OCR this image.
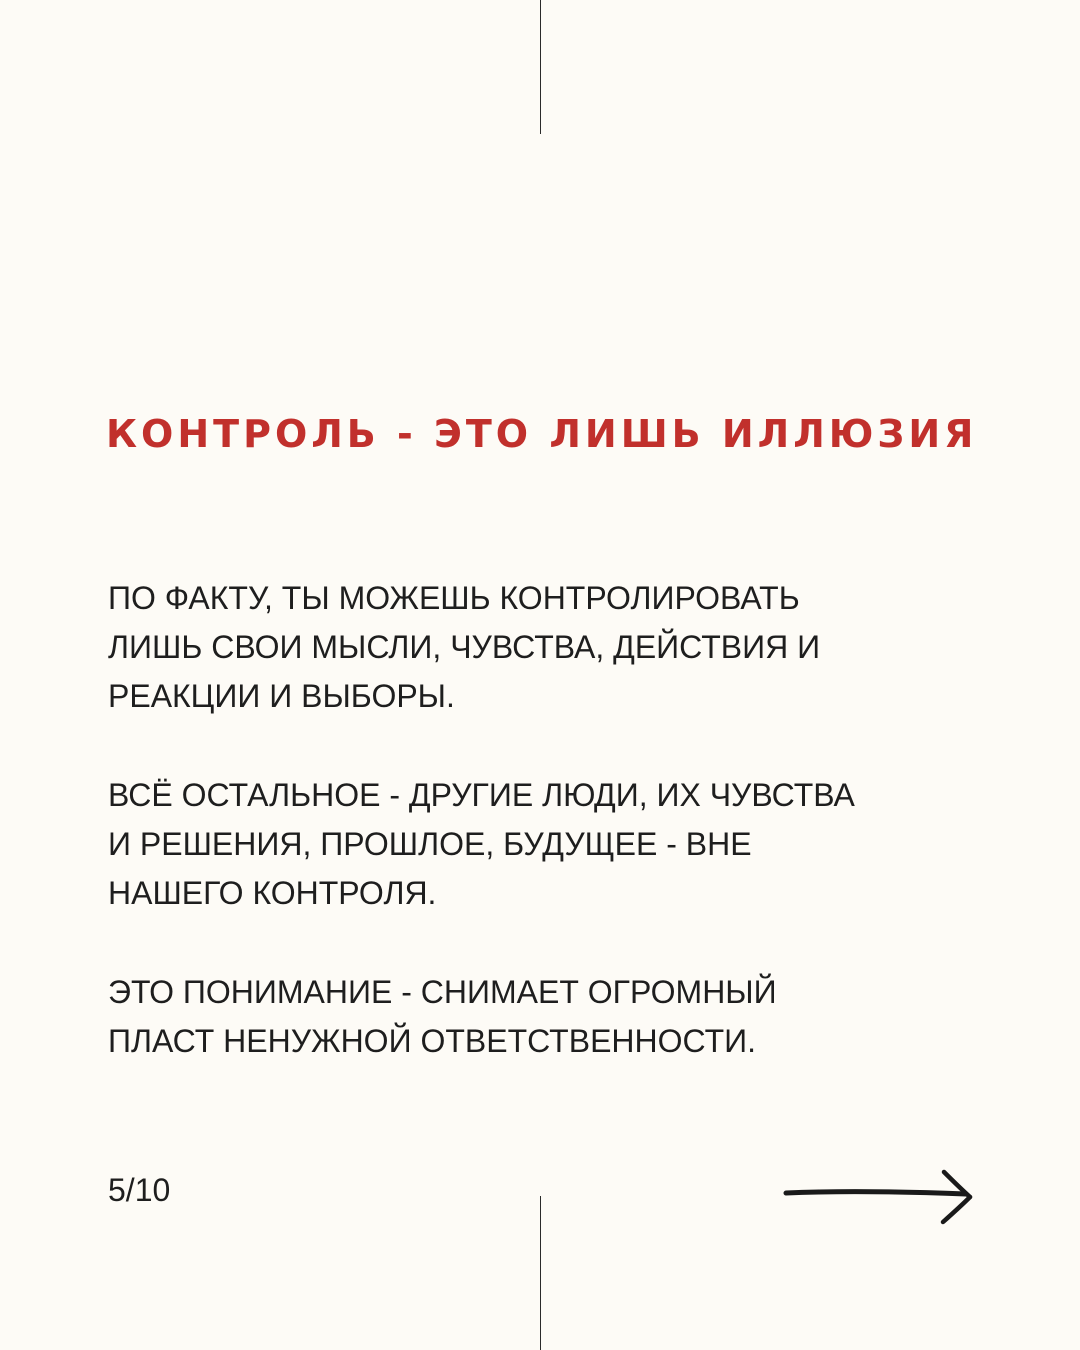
КОНТРОЛЬ - ЭТО ЛИШЬ ИЛЛЮЗИЯ

ПО ФАКТУ, ТЫ МОЖЕШЬ КОНТРОЛИРОВАТЬ
ЛИШЬ СВОИ МЫСЛИ, ЧУВСТВА, ДЕЙСТВИЯ И
РЕАКЦИИ И ВЫБОРЫ.

ВСЁ ОСТАЛЬНОЕ - ДРУГИЕ ЛЮДИ, ИХ ЧУВСТВА
И РЕШЕНИЯ, ПРОШЛОЕ, БУДУЩЕЕ - ВНЕ
НАШЕГО КОНТРОЛЯ.

ЭТО ПОНИМАНИЕ - СНИМАЕТ ОГРОМНЫЙ
ПЛАСТ НЕНУЖНОЙ ОТВЕТСТВЕННОСТИ.

5/10
